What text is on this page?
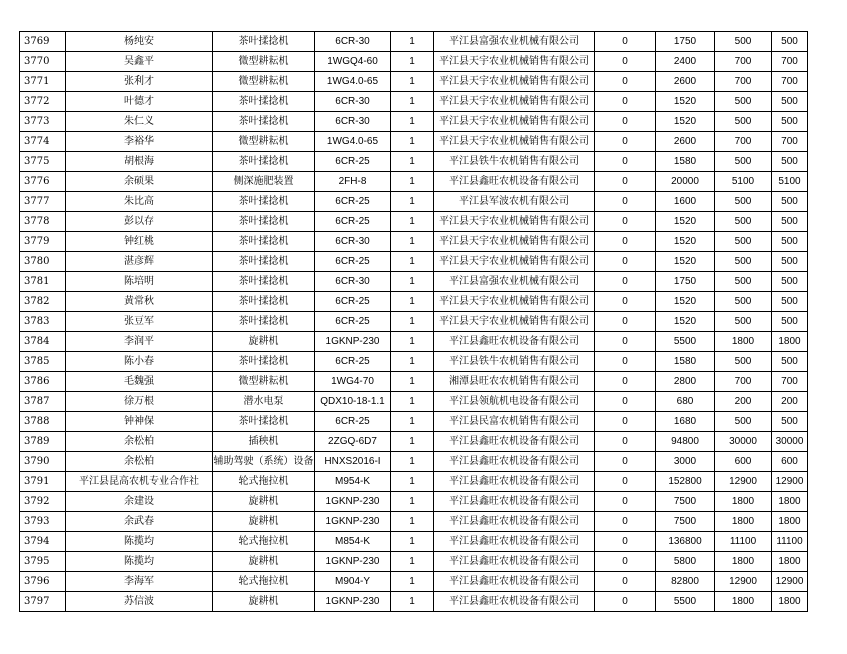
3769	杨纯安	茶叶揉捻机	6CR-30	1	平江县富强农业机械有限公司	0	1750	500	500
3770	吴鑫平	微型耕耘机	1WGQ4-60	1	平江县天宇农业机械销售有限公司	0	2400	700	700
3771	张利才	微型耕耘机	1WG4.0-65	1	平江县天宇农业机械销售有限公司	0	2600	700	700
3772	叶德才	茶叶揉捻机	6CR-30	1	平江县天宇农业机械销售有限公司	0	1520	500	500
3773	朱仁义	茶叶揉捻机	6CR-30	1	平江县天宇农业机械销售有限公司	0	1520	500	500
3774	李裕华	微型耕耘机	1WG4.0-65	1	平江县天宇农业机械销售有限公司	0	2600	700	700
3775	胡根海	茶叶揉捻机	6CR-25	1	平江县铁牛农机销售有限公司	0	1580	500	500
3776	余硕果	侧深施肥装置	2FH-8	1	平江县鑫旺农机设备有限公司	0	20000	5100	5100
3777	朱比高	茶叶揉捻机	6CR-25	1	平江县军波农机有限公司	0	1600	500	500
3778	彭以存	茶叶揉捻机	6CR-25	1	平江县天宇农业机械销售有限公司	0	1520	500	500
3779	钟红桃	茶叶揉捻机	6CR-30	1	平江县天宇农业机械销售有限公司	0	1520	500	500
3780	湛彦辉	茶叶揉捻机	6CR-25	1	平江县天宇农业机械销售有限公司	0	1520	500	500
3781	陈培明	茶叶揉捻机	6CR-30	1	平江县富强农业机械有限公司	0	1750	500	500
3782	黄常秋	茶叶揉捻机	6CR-25	1	平江县天宇农业机械销售有限公司	0	1520	500	500
3783	张豆军	茶叶揉捻机	6CR-25	1	平江县天宇农业机械销售有限公司	0	1520	500	500
3784	李润平	旋耕机	1GKNP-230	1	平江县鑫旺农机设备有限公司	0	5500	1800	1800
3785	陈小春	茶叶揉捻机	6CR-25	1	平江县铁牛农机销售有限公司	0	1580	500	500
3786	毛魏强	微型耕耘机	1WG4-70	1	湘潭县旺农农机销售有限公司	0	2800	700	700
3787	徐万根	潜水电泵	QDX10-18-1.1	1	平江县领航机电设备有限公司	0	680	200	200
3788	钟神保	茶叶揉捻机	6CR-25	1	平江县民富农机销售有限公司	0	1680	500	500
3789	余松柏	插秧机	2ZGQ-6D7	1	平江县鑫旺农机设备有限公司	0	94800	30000	30000
3790	余松柏	辅助驾驶（系统）设备	HNXS2016-I	1	平江县鑫旺农机设备有限公司	0	3000	600	600
3791	平江县昆高农机专业合作社	轮式拖拉机	M954-K	1	平江县鑫旺农机设备有限公司	0	152800	12900	12900
3792	余建设	旋耕机	1GKNP-230	1	平江县鑫旺农机设备有限公司	0	7500	1800	1800
3793	余武春	旋耕机	1GKNP-230	1	平江县鑫旺农机设备有限公司	0	7500	1800	1800
3794	陈揽均	轮式拖拉机	M854-K	1	平江县鑫旺农机设备有限公司	0	136800	11100	11100
3795	陈揽均	旋耕机	1GKNP-230	1	平江县鑫旺农机设备有限公司	0	5800	1800	1800
3796	李海军	轮式拖拉机	M904-Y	1	平江县鑫旺农机设备有限公司	0	82800	12900	12900
3797	苏信波	旋耕机	1GKNP-230	1	平江县鑫旺农机设备有限公司	0	5500	1800	1800
